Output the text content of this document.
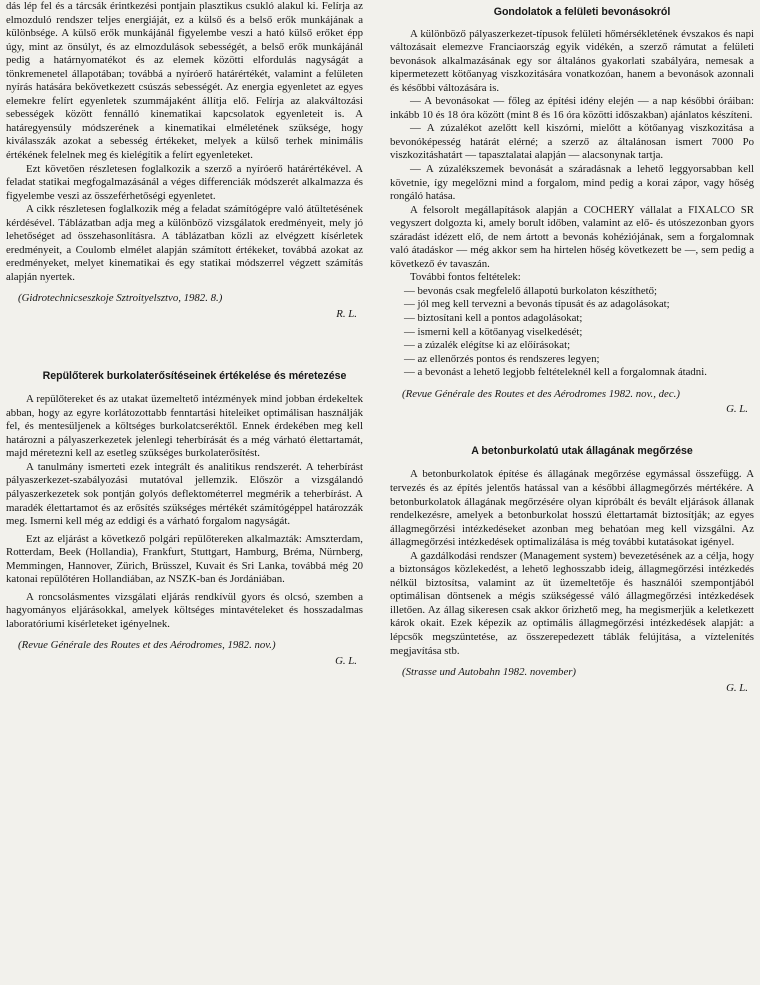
dás lép fel és a tárcsák érintkezési pontjain plasztikus csukló alakul ki. Felírja az elmozduló rendszer teljes energiáját, ez a külső és a belső erők munkájának a különbsége. A külső erők munkájánál figyelembe veszi a ható külső erőket épp úgy, mint az önsúlyt, és az elmozdulások sebességét, a belső erők munkájánál pedig a határnyomatékot és az elemek közötti elfordulás nagyságát a tönkremenetel állapotában; továbbá a nyíróerő határértékét, valamint a felületen nyírás hatására bekövetkezett csúszás sebességét. Az energia egyenletet az egyes elemekre felírt egyenletek szummájaként állítja elő. Felírja az alakváltozási sebességek között fennálló kinematikai kapcsolatok egyenleteit is. A határegyensúly módszerének a kinematikai elméletének szüksége, hogy kiválasszák azokat a sebesség értékeket, melyek a külső terhek minimális értékének felelnek meg és kielégítik a felírt egyenleteket.

Ezt követően részletesen foglalkozik a szerző a nyíróerő határértékével. A feladat statikai megfogalmazásánál a véges differenciák módszerét alkalmazza és figyelembe veszi az összeférhetőségi egyenletet.

A cikk részletesen foglalkozik még a feladat számítógépre való átültetésének kérdésével. Táblázatban adja meg a különböző vizsgálatok eredményeit, mely jó lehetőséget ad összehasonlításra. A táblázatban közli az elvégzett kísérletek eredményeit, a Coulomb elmélet alapján számított értékeket, továbbá azokat az eredményeket, melyet kinematikai és egy statikai módszerrel végzett számítás alapján nyertek.

(Gidrotechnicseszkoje Sztroityelsztvo, 1982. 8.)

R. L.

Repülőterek burkolaterősítéseinek értékelése és méretezése

A repülőtereket és az utakat üzemeltető intézmények mind jobban érdekeltek abban, hogy az egyre korlátozottabb fenntartási hiteleiket optimálisan használják fel, és mentesüljenek a költséges burkolatcseréktől. Ennek érdekében meg kell határozni a pályaszerkezetek jelenlegi teherbírását és a még várható élettartamát, majd méretezni kell az esetleg szükséges burkolaterősítést.

A tanulmány ismerteti ezek integrált és analitikus rendszerét. A teherbírást pályaszerkezet-szabályozási mutatóval jellemzik. Először a vizsgálandó pályaszerkezetek sok pontján golyós deflektométerrel megmérik a teherbírást. A maradék élettartamot és az erősítés szükséges mértékét számítógéppel határozzák meg. Ismerni kell még az eddigi és a várható forgalom nagyságát.

Ezt az eljárást a következő polgári repülőtereken alkalmazták: Amszterdam, Rotterdam, Beek (Hollandia), Frankfurt, Stuttgart, Hamburg, Bréma, Nürnberg, Memmingen, Hannover, Zürich, Brüsszel, Kuvait és Sri Lanka, továbbá még 20 katonai repülőtéren Hollandiában, az NSZK-ban és Jordániában.

A roncsolásmentes vizsgálati eljárás rendkívül gyors és olcsó, szemben a hagyományos eljárásokkal, amelyek költséges mintavételeket és hosszadalmas laboratóriumi kísérleteket igényelnek.

(Revue Générale des Routes et des Aérodromes, 1982. nov.)

G. L.

Gondolatok a felületi bevonásokról

A különböző pályaszerkezet-típusok felületi hőmérsékletének évszakos és napi változásait elemezve Franciaország egyik vidékén, a szerző rámutat a felületi bevonások alkalmazásának egy sor általános gyakorlati szabályára, nemesak a kipermetezett kötőanyag viszkozitására vonatkozóan, hanem a bevonások azonnali és későbbi változására is.

— A bevonásokat — főleg az építési idény elején — a nap későbbi óráiban: inkább 10 és 18 óra között (mint 8 és 16 óra közötti időszakban) ajánlatos készíteni.

— A zúzalékot azelőtt kell kiszórni, mielőtt a kötőanyag viszkozitása a bevonóképesség határát elérné; a szerző az általánosan ismert 7000 Po viszkozitáshatárt — tapasztalatai alapján — alacsonynak tartja.

— A zúzalékszemek bevonását a száradásnak a lehető leggyorsabban kell követnie, így megelőzni mind a forgalom, mind pedig a korai zápor, vagy hőség rongáló hatása.

A felsorolt megállapítások alapján a COCHERY vállalat a FIXALCO SR vegyszert dolgozta ki, amely borult időben, valamint az elő- és utószezonban gyors száradást idézett elő, de nem ártott a bevonás kohéziójának, sem a forgalomnak való átadáskor — még akkor sem ha hirtelen hőség következett be —, sem pedig a következő év tavaszán.

További fontos feltételek:

— bevonás csak megfelelő állapotú burkolaton készíthető;
— jól meg kell tervezni a bevonás típusát és az adagolásokat;
— biztosítani kell a pontos adagolásokat;
— ismerni kell a kötőanyag viselkedését;
— a zúzalék elégítse ki az előírásokat;
— az ellenőrzés pontos és rendszeres legyen;
— a bevonást a lehető legjobb feltételeknél kell a forgalomnak átadni.

(Revue Générale des Routes et des Aérodromes 1982. nov., dec.)

G. L.

A betonburkolatú utak állagának megőrzése

A betonburkolatok építése és állagának megőrzése egymással összefügg. A tervezés és az építés jelentős hatással van a későbbi állagmegőrzés mértékére. A betonburkolatok állagának megőrzésére olyan kipróbált és bevált eljárások állanak rendelkezésre, amelyek a betonburkolat hosszú élettartamát biztosítják; az egyes állagmegőrzési intézkedéseket azonban meg behatóan meg kell vizsgálni. Az állagmegőrzési intézkedések optimalizálása is még további kutatásokat igényel.

A gazdálkodási rendszer (Management system) bevezetésének az a célja, hogy a biztonságos közlekedést, a lehető leghosszabb ideig, állagmegőrzési intézkedés nélkül biztosítsa, valamint az üt üzemeltetője és használói szempontjából optimálisan döntsenek a mégis szükségessé váló állagmegőrzési intézkedések illetően. Az állag sikeresen csak akkor őrizhető meg, ha megismerjük a keletkezett károk okait. Ezek képezik az optimális állagmegőrzési intézkedések alapját: a lépcsők megszüntetése, az összerepedezett táblák felújítása, a víztelenítés megjavítása stb.

(Strasse und Autobahn 1982. november)

G. L.
